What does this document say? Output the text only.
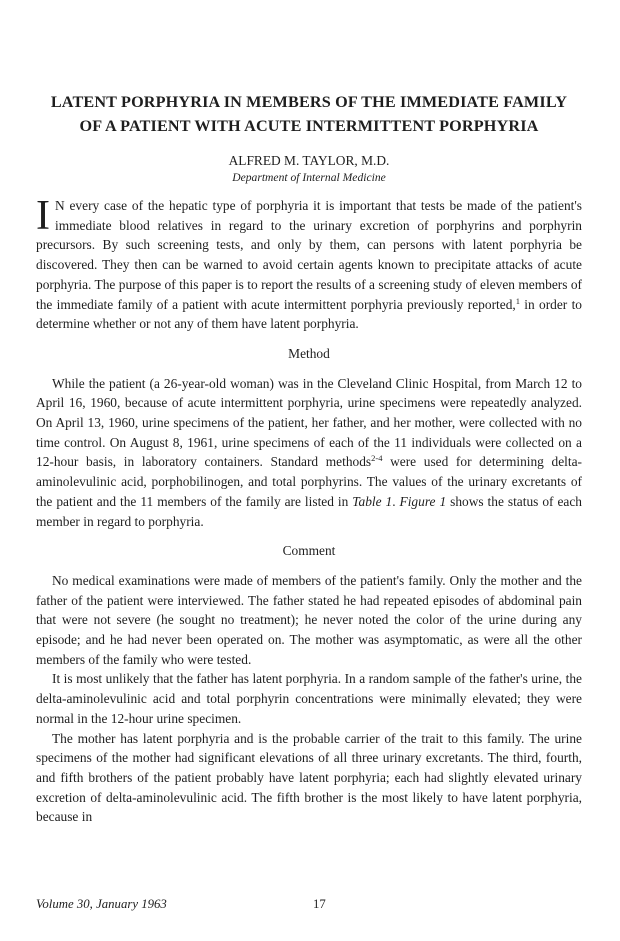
LATENT PORPHYRIA IN MEMBERS OF THE IMMEDIATE FAMILY
OF A PATIENT WITH ACUTE INTERMITTENT PORPHYRIA
ALFRED M. TAYLOR, M.D.
Department of Internal Medicine

I N every case of the hepatic type of porphyria it is important that tests be made of the patient's immediate blood relatives in regard to the urinary excretion of porphyrins and porphyrin precursors. By such screening tests, and only by them, can persons with latent porphyria be discovered. They then can be warned to avoid certain agents known to precipitate attacks of acute porphyria. The purpose of this paper is to report the results of a screening study of eleven members of the immediate family of a patient with acute intermittent porphyria previously reported,$^1$ in order to determine whether or not any of them have latent porphyria.

Method

While the patient (a 26-year-old woman) was in the Cleveland Clinic Hospital, from March 12 to April 16, 1960, because of acute intermittent porphyria, urine specimens were repeatedly analyzed. On April 13, 1960, urine specimens of the patient, her father, and her mother, were collected with no time control. On August 8, 1961, urine specimens of each of the 11 individuals were collected on a 12-hour basis, in laboratory containers. Standard methods$^{2-4}$ were used for determining delta-aminolevulinic acid, porphobilinogen, and total porphyrins. The values of the urinary excretants of the patient and the 11 members of the family are listed in Table 1. Figure 1 shows the status of each member in regard to porphyria.

Comment

No medical examinations were made of members of the patient's family. Only the mother and the father of the patient were interviewed. The father stated he had repeated episodes of abdominal pain that were not severe (he sought no treatment); he never noted the color of the urine during any episode; and he had never been operated on. The mother was asymptomatic, as were all the other members of the family who were tested.

It is most unlikely that the father has latent porphyria. In a random sample of the father's urine, the delta-aminolevulinic acid and total porphyrin concentrations were minimally elevated; they were normal in the 12-hour urine specimen.

The mother has latent porphyria and is the probable carrier of the trait to this family. The urine specimens of the mother had significant elevations of all three urinary excretants. The third, fourth, and fifth brothers of the patient probably have latent porphyria; each had slightly elevated urinary excretion of delta-aminolevulinic acid. The fifth brother is the most likely to have latent porphyria, because in

Volume 30, January 1963	17
